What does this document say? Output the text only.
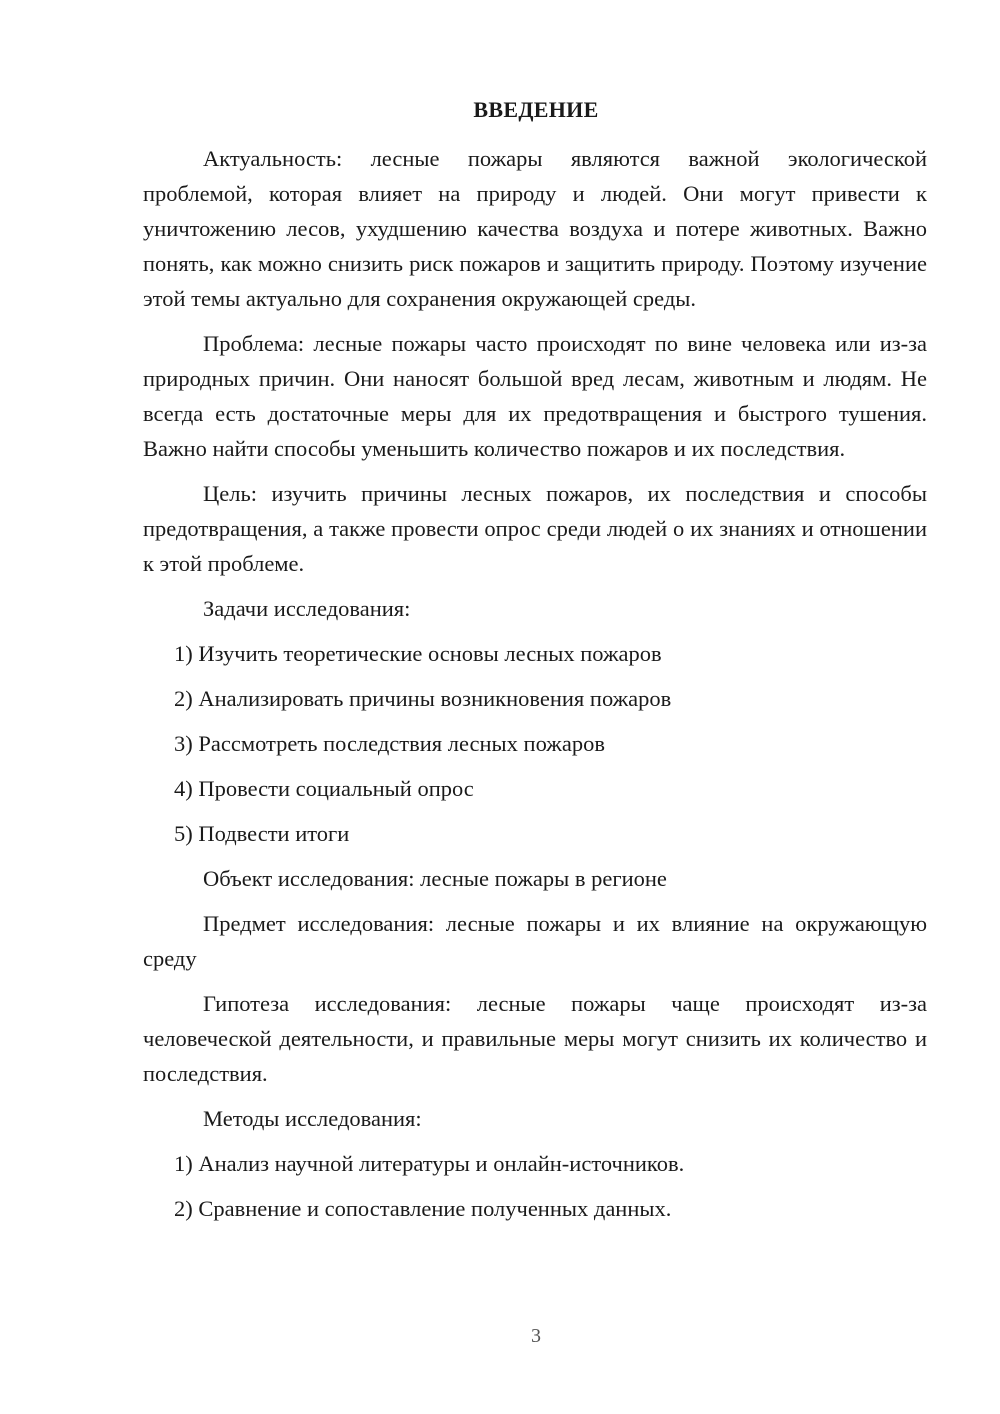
ВВЕДЕНИЕ

Актуальность: лесные пожары являются важной экологической проблемой, которая влияет на природу и людей. Они могут привести к уничтожению лесов, ухудшению качества воздуха и потере животных. Важно понять, как можно снизить риск пожаров и защитить природу. Поэтому изучение этой темы актуально для сохранения окружающей среды.

Проблема: лесные пожары часто происходят по вине человека или из-за природных причин. Они наносят большой вред лесам, животным и людям. Не всегда есть достаточные меры для их предотвращения и быстрого тушения. Важно найти способы уменьшить количество пожаров и их последствия.

Цель: изучить причины лесных пожаров, их последствия и способы предотвращения, а также провести опрос среди людей о их знаниях и отношении к этой проблеме.

Задачи исследования:

1) Изучить теоретические основы лесных пожаров

2) Анализировать причины возникновения пожаров

3) Рассмотреть последствия лесных пожаров

4) Провести социальный опрос

5) Подвести итоги

Объект исследования: лесные пожары в регионе

Предмет исследования: лесные пожары и их влияние на окружающую среду

Гипотеза исследования: лесные пожары чаще происходят из-за человеческой деятельности, и правильные меры могут снизить их количество и последствия.

Методы исследования:

1) Анализ научной литературы и онлайн-источников.

2) Сравнение и сопоставление полученных данных.

3
